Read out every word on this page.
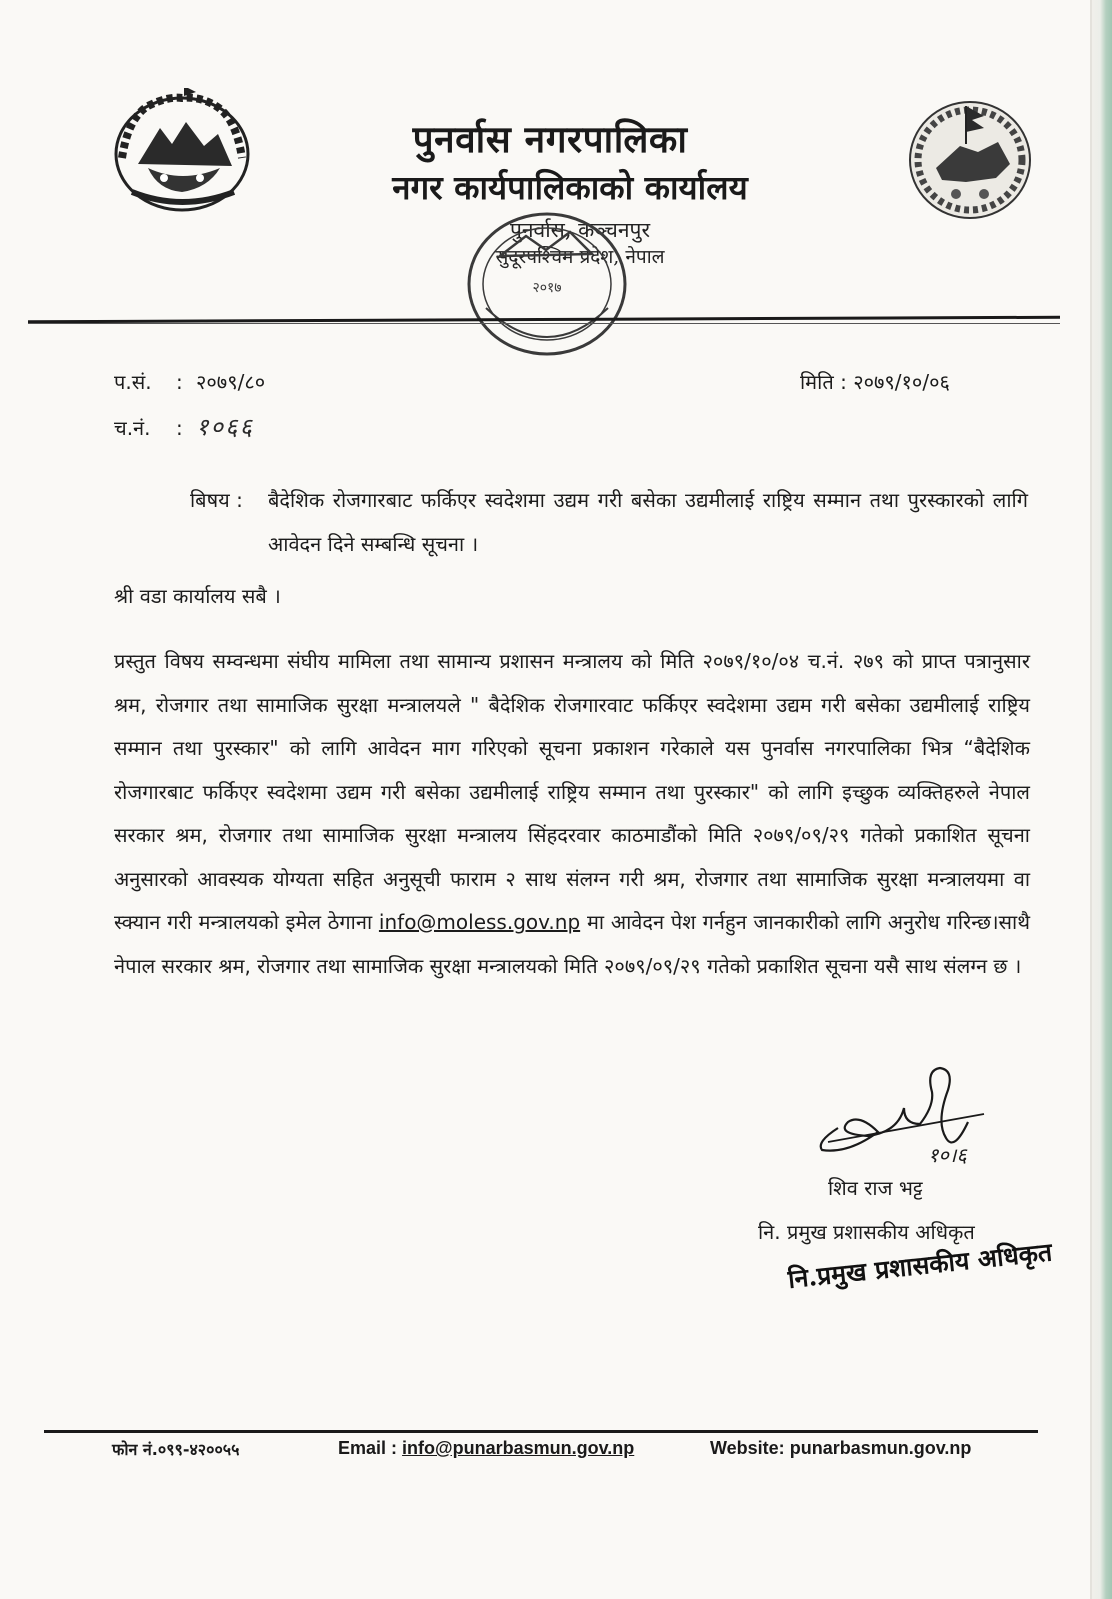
पुनर्वास नगरपालिका
नगर कार्यपालिकाको कार्यालय
पुनर्वास, कञ्चनपुर
सुदूरपश्चिम प्रदेश, नेपाल
२०१७
प.सं.	: २०७९/८०
च.नं.	: १०६६
मिति : २०७९/१०/०६
बिषय : बैदेशिक रोजगारबाट फर्किएर स्वदेशमा उद्यम गरी बसेका उद्यमीलाई राष्ट्रिय सम्मान तथा पुरस्कारको लागि आवेदन दिने सम्बन्धि सूचना ।
श्री वडा कार्यालय सबै ।
प्रस्तुत विषय सम्वन्धमा संघीय मामिला तथा सामान्य प्रशासन मन्त्रालय को मिति २०७९/१०/०४ च.नं. २७९ को प्राप्त पत्रानुसार श्रम, रोजगार तथा सामाजिक सुरक्षा मन्त्रालयले " बैदेशिक रोजगारवाट फर्किएर स्वदेशमा उद्यम गरी बसेका उद्यमीलाई राष्ट्रिय सम्मान तथा पुरस्कार" को लागि आवेदन माग गरिएको सूचना प्रकाशन गरेकाले यस पुनर्वास नगरपालिका भित्र “बैदेशिक रोजगारबाट फर्किएर स्वदेशमा उद्यम गरी बसेका उद्यमीलाई राष्ट्रिय सम्मान तथा पुरस्कार" को लागि इच्छुक व्यक्तिहरुले नेपाल सरकार श्रम, रोजगार तथा सामाजिक सुरक्षा मन्त्रालय सिंहदरवार काठमाडौंको मिति २०७९/०९/२९ गतेको प्रकाशित सूचना अनुसारको आवस्यक योग्यता सहित अनुसूची फाराम २ साथ संलग्न गरी श्रम, रोजगार तथा सामाजिक सुरक्षा मन्त्रालयमा वा स्क्यान गरी मन्त्रालयको इमेल ठेगाना info@moless.gov.np मा आवेदन पेश गर्नहुन जानकारीको लागि अनुरोध गरिन्छ।साथै नेपाल सरकार श्रम, रोजगार तथा सामाजिक सुरक्षा मन्त्रालयको मिति २०७९/०९/२९ गतेको प्रकाशित सूचना यसै साथ संलग्न छ ।
१०।६
शिव राज भट्ट
नि. प्रमुख प्रशासकीय अधिकृत
नि.प्रमुख प्रशासकीय अधिकृत
फोन नं.०९९-४२००५५	Email : info@punarbasmun.gov.np	Website: punarbasmun.gov.np
